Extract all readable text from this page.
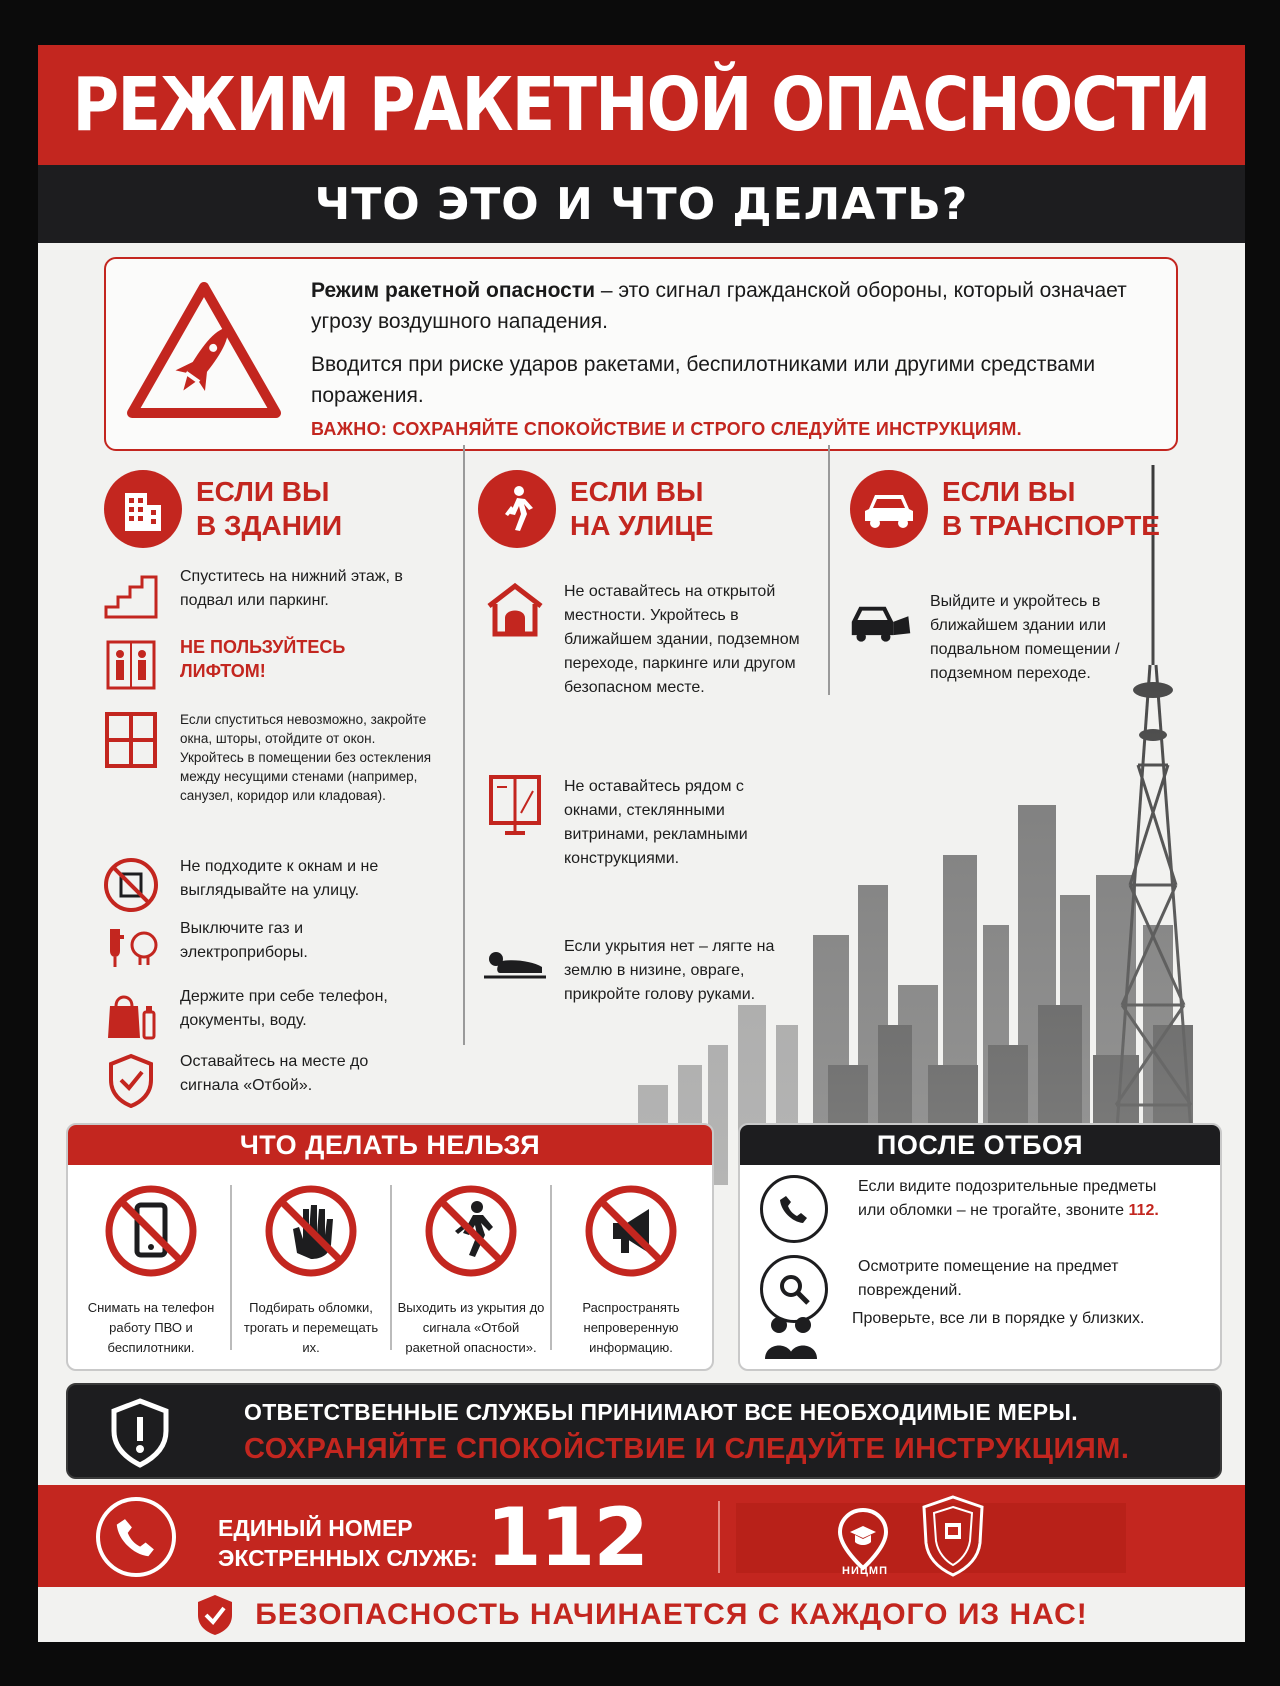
РЕЖИМ РАКЕТНОЙ ОПАСНОСТИ
ЧТО ЭТО И ЧТО ДЕЛАТЬ?

Режим ракетной опасности – это сигнал гражданской обороны, который означает угрозу воздушного нападения.

Вводится при риске ударов ракетами, беспилотниками или другими средствами поражения.

ВАЖНО: СОХРАНЯЙТЕ СПОКОЙСТВИЕ И СТРОГО СЛЕДУЙТЕ ИНСТРУКЦИЯМ.

ЕСЛИ ВЫ
В ЗДАНИИ
Спуститесь на нижний этаж, в подвал или паркинг.
НЕ ПОЛЬЗУЙТЕСЬ ЛИФТОМ!
Если спуститься невозможно, закройте окна, шторы, отойдите от окон. Укройтесь в помещении без остекления между несущими стенами (например, санузел, коридор или кладовая).
Не подходите к окнам и не выглядывайте на улицу.
Выключите газ и электроприборы.
Держите при себе телефон, документы, воду.
Оставайтесь на месте до сигнала «Отбой».
ЕСЛИ ВЫ
НА УЛИЦЕ
Не оставайтесь на открытой местности. Укройтесь в ближайшем здании, подземном переходе, паркинге или другом безопасном месте.
Не оставайтесь рядом с окнами, стеклянными витринами, рекламными конструкциями.
Если укрытия нет – лягте на землю в низине, овраге, прикройте голову руками.
ЕСЛИ ВЫ
В ТРАНСПОРТЕ
Выйдите и укройтесь в ближайшем здании или подвальном помещении / подземном переходе.
ЧТО ДЕЛАТЬ НЕЛЬЗЯ
Снимать на телефон работу ПВО и беспилотники.
Подбирать обломки, трогать и перемещать их.
Выходить из укрытия до сигнала «Отбой ракетной опасности».
Распространять непроверенную информацию.
ПОСЛЕ ОТБОЯ
Если видите подозрительные предметы или обломки – не трогайте, звоните 112.
Осмотрите помещение на предмет повреждений.
Проверьте, все ли в порядке у близких.
ОТВЕТСТВЕННЫЕ СЛУЖБЫ ПРИНИМАЮТ ВСЕ НЕОБХОДИМЫЕ МЕРЫ.
СОХРАНЯЙТЕ СПОКОЙСТВИЕ И СЛЕДУЙТЕ ИНСТРУКЦИЯМ.
ЕДИНЫЙ НОМЕР ЭКСТРЕННЫХ СЛУЖБ: 112	НИЦМП
БЕЗОПАСНОСТЬ НАЧИНАЕТСЯ С КАЖДОГО ИЗ НАС!
